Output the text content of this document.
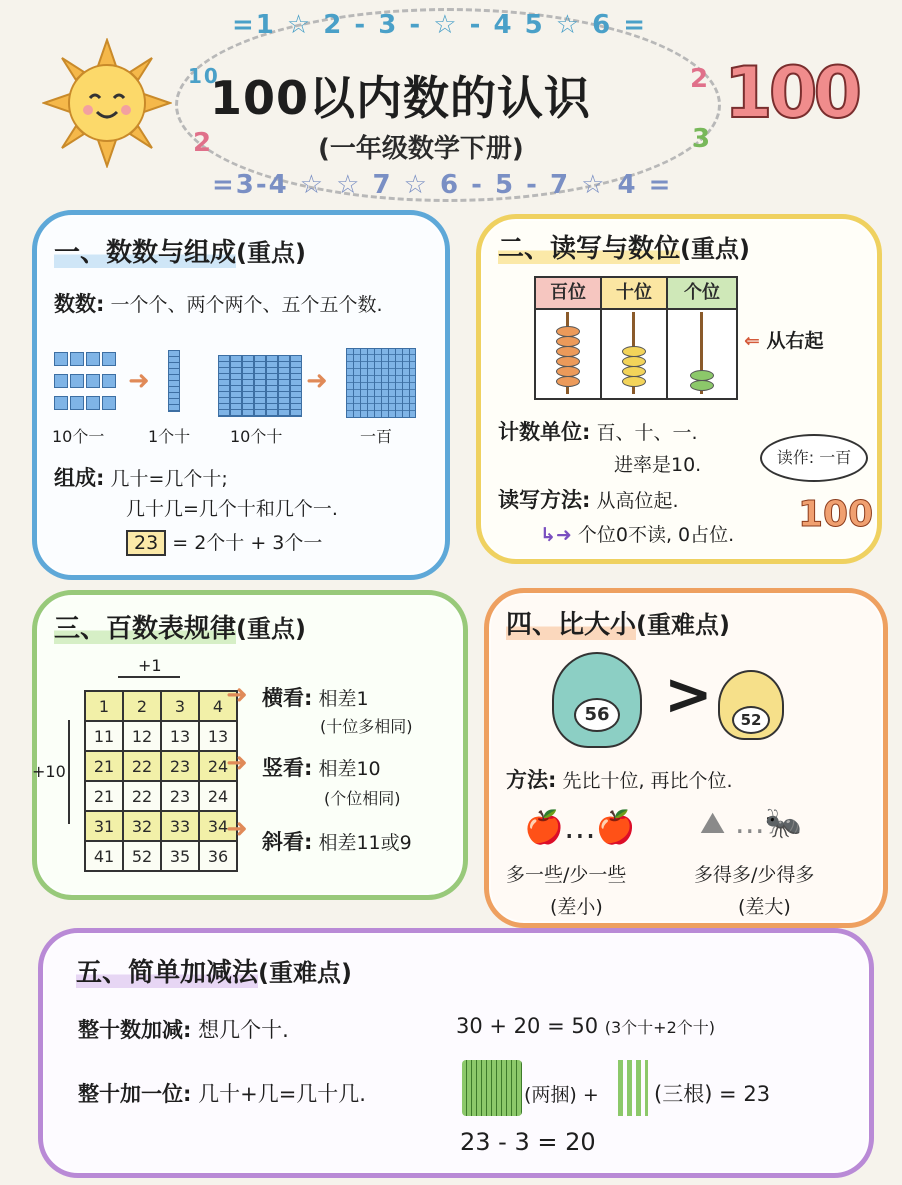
=1 ☆ 2 - 3 - ☆ - 4 5 ☆ 6 =
=3-4 ☆ ☆ 7 ☆ 6 - 5 - 7 ☆ 4 =
10
2
2
3
100以内数的认识
(一年级数学下册)
100
一、数数与组成(重点)
数数: 一个个、两个两个、五个五个数.
➜	➜
10个一	1个十 10个十	一百
组成: 几十=几个十;
几十几=几个十和几个一.
23 = 2个十 + 3个一
二、读写与数位(重点)
百位	十位	个位
⇐ 从右起
计数单位: 百、十、一.
进率是10.	读作: 一百
读写方法: 从高位起.
↳➜ 个位0不读, 0占位. 100
三、百数表规律(重点)
+1
+10
1	2	3	4
11	12	13	13
21	22	23	24
21	22	23	24
31	32	33	34
41	52	35	36
➜ 横看: 相差1
(十位多相同)
➜ 竖看: 相差10
(个位相同)
➜ 斜看: 相差11或9
四、比大小(重难点)
56 >	52
方法: 先比十位, 再比个位.
🍎…🍎 ⛰ …🐜
多一些/少一些
(差小)
多得多/少得多
(差大)
五、简单加减法(重难点)
整十数加减: 想几个十.	30 + 20 = 50 (3个十+2个十)
整十加一位: 几十+几=几十几.	(两捆) +	(三根) = 23
23 - 3 = 20
